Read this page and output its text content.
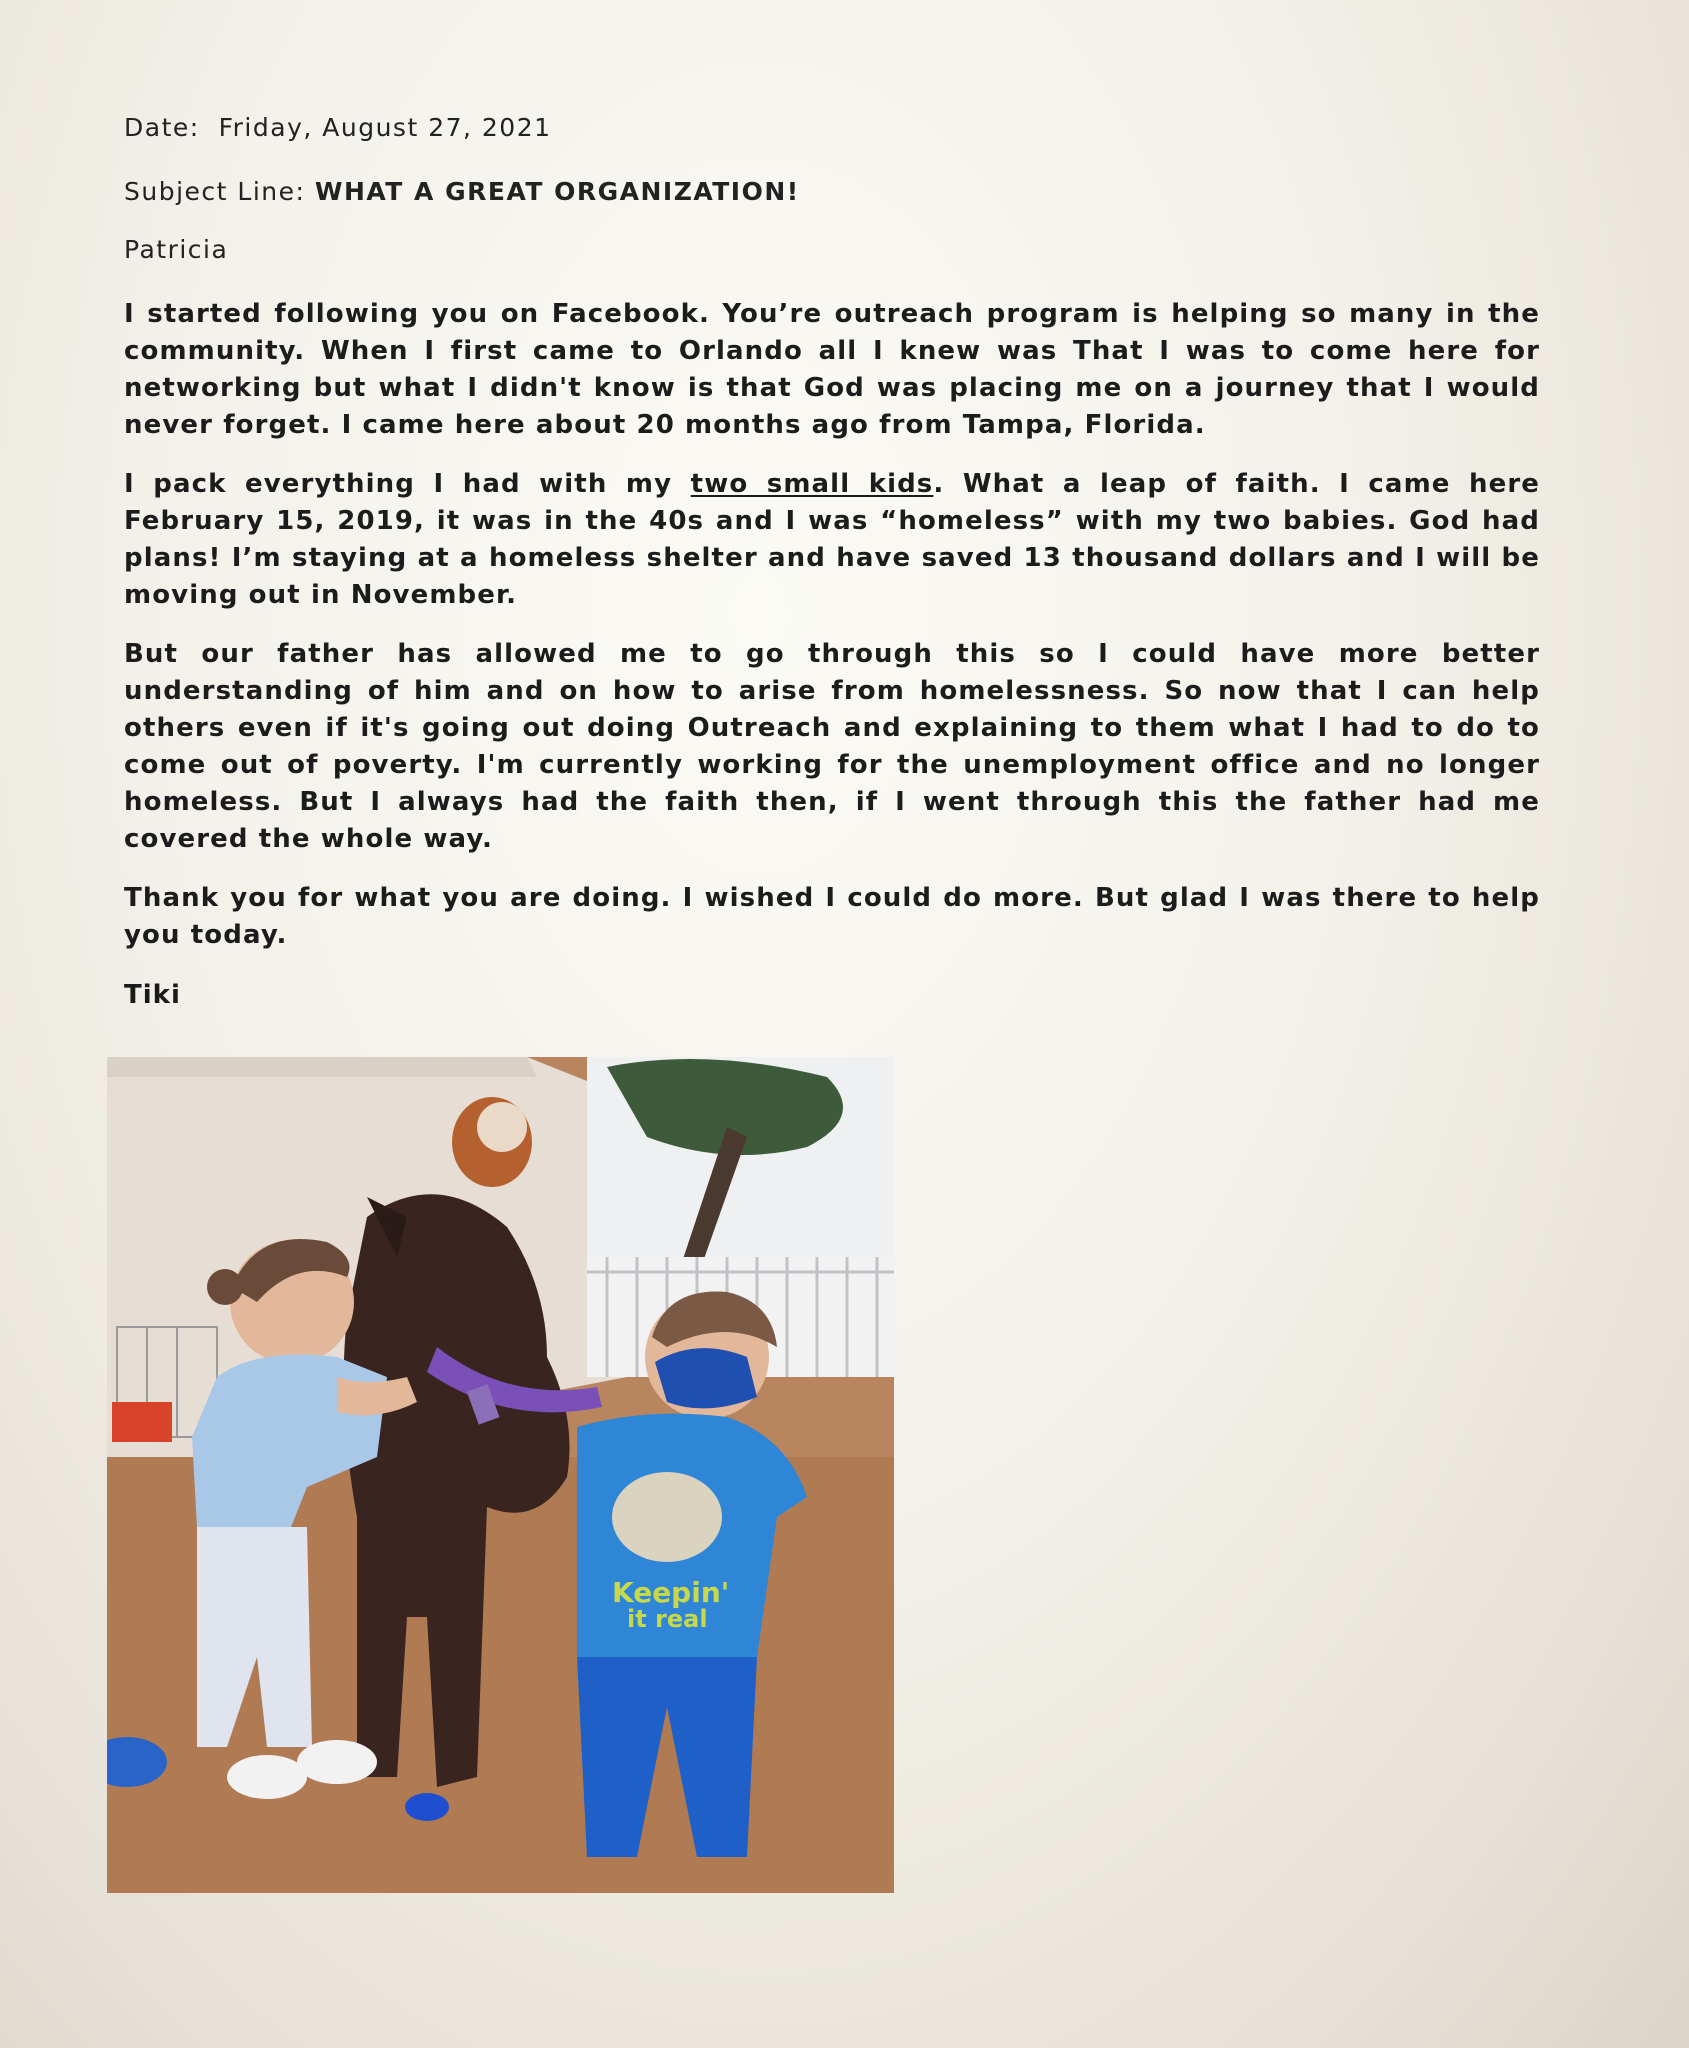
Date: Friday, August 27, 2021

Subject Line: WHAT A GREAT ORGANIZATION!

Patricia

I started following you on Facebook. You’re outreach program is helping so many in the community. When I first came to Orlando all I knew was That I was to come here for networking but what I didn't know is that God was placing me on a journey that I would never forget. I came here about 20 months ago from Tampa, Florida.

I pack everything I had with my two small kids. What a leap of faith. I came here February 15, 2019, it was in the 40s and I was “homeless” with my two babies. God had plans! I’m staying at a homeless shelter and have saved 13 thousand dollars and I will be moving out in November.

But our father has allowed me to go through this so I could have more better understanding of him and on how to arise from homelessness. So now that I can help others even if it's going out doing Outreach and explaining to them what I had to do to come out of poverty. I'm currently working for the unemployment office and no longer homeless. But I always had the faith then, if I went through this the father had me covered the whole way.

Thank you for what you are doing. I wished I could do more. But glad I was there to help you today.

Tiki
Keepin'
it real
